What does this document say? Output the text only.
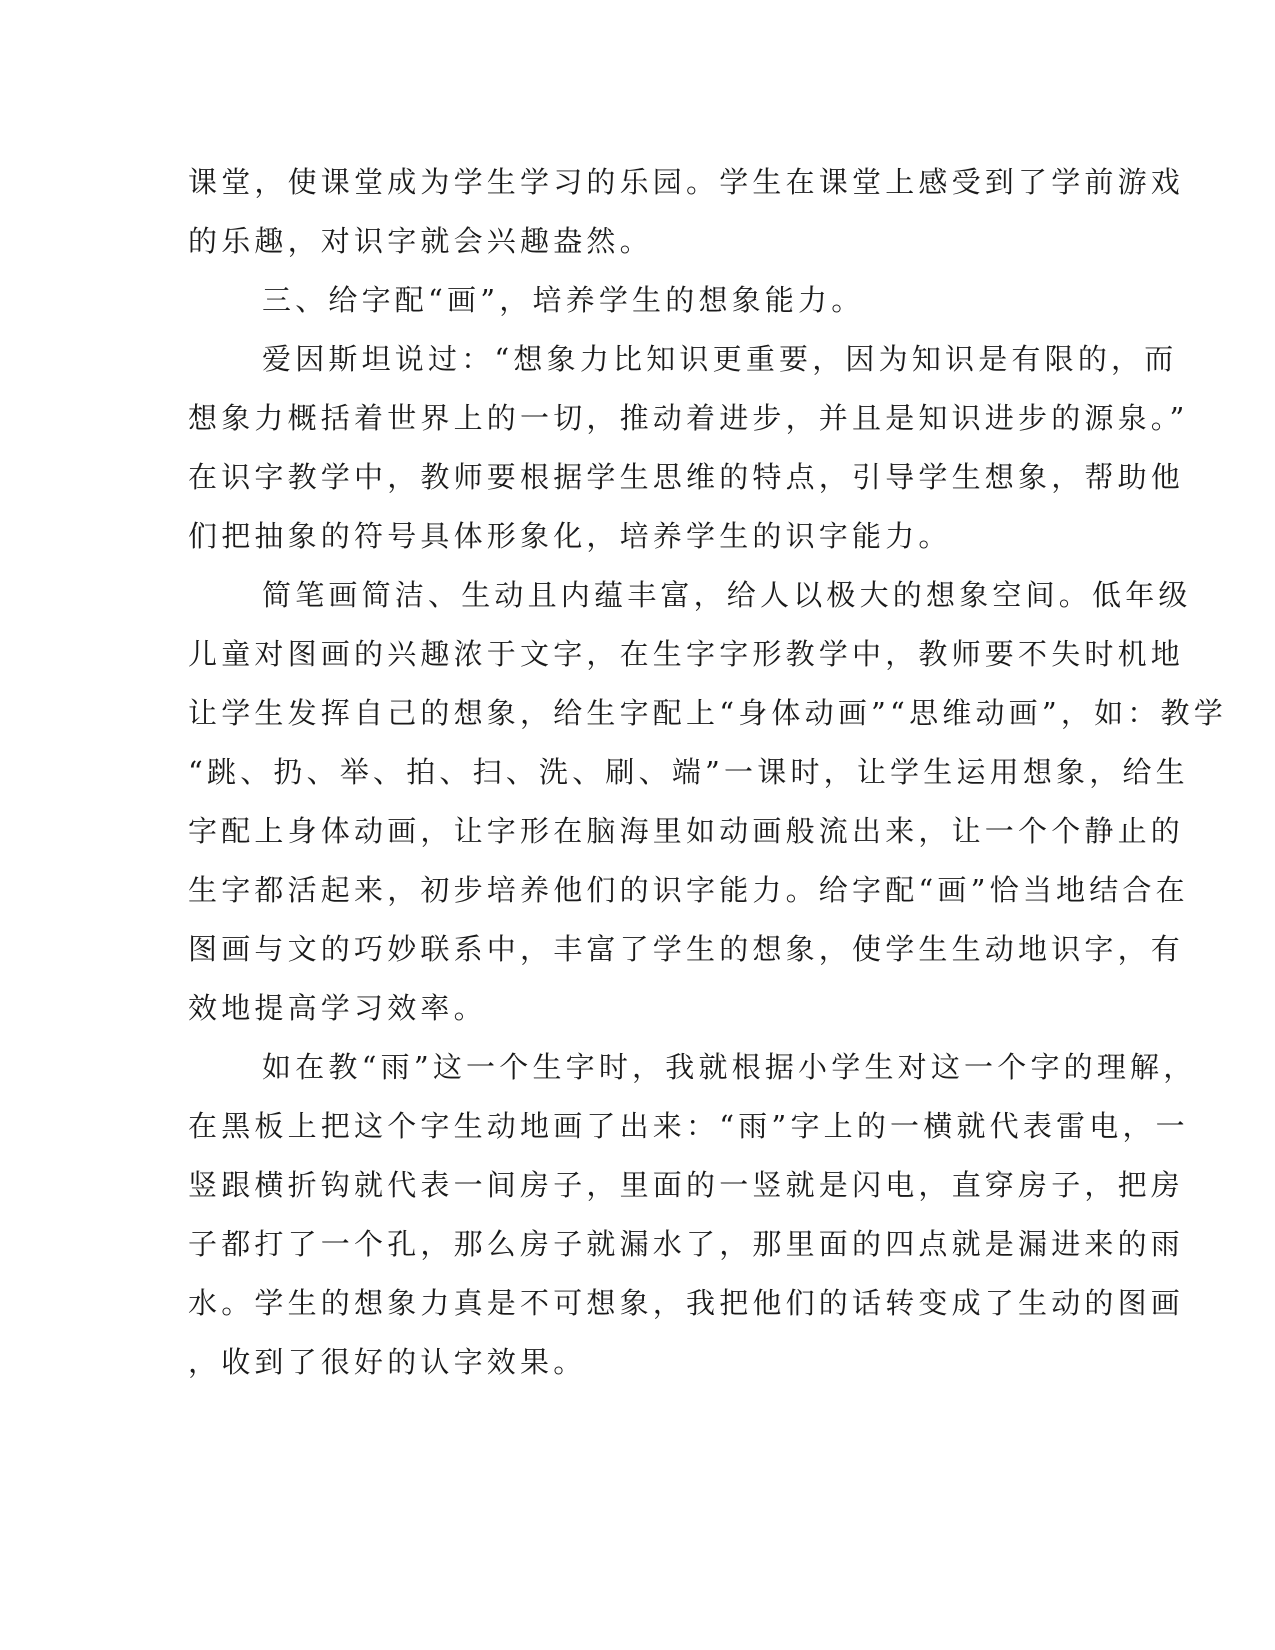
课堂，使课堂成为学生学习的乐园。学生在课堂上感受到了学前游戏
的乐趣，对识字就会兴趣盎然。
三、给字配“画”，培养学生的想象能力。
爱因斯坦说过：“想象力比知识更重要，因为知识是有限的，而
想象力概括着世界上的一切，推动着进步，并且是知识进步的源泉。”
在识字教学中，教师要根据学生思维的特点，引导学生想象，帮助他
们把抽象的符号具体形象化，培养学生的识字能力。
简笔画简洁、生动且内蕴丰富，给人以极大的想象空间。低年级
儿童对图画的兴趣浓于文字，在生字字形教学中，教师要不失时机地
让学生发挥自己的想象，给生字配上“身体动画”“思维动画”，如：教学
“跳、扔、举、拍、扫、洗、刷、端”一课时，让学生运用想象，给生
字配上身体动画，让字形在脑海里如动画般流出来，让一个个静止的
生字都活起来，初步培养他们的识字能力。给字配“画”恰当地结合在
图画与文的巧妙联系中，丰富了学生的想象，使学生生动地识字，有
效地提高学习效率。
如在教“雨”这一个生字时，我就根据小学生对这一个字的理解，
在黑板上把这个字生动地画了出来：“雨”字上的一横就代表雷电，一
竖跟横折钩就代表一间房子，里面的一竖就是闪电，直穿房子，把房
子都打了一个孔，那么房子就漏水了，那里面的四点就是漏进来的雨
水。学生的想象力真是不可想象，我把他们的话转变成了生动的图画
，收到了很好的认字效果。
